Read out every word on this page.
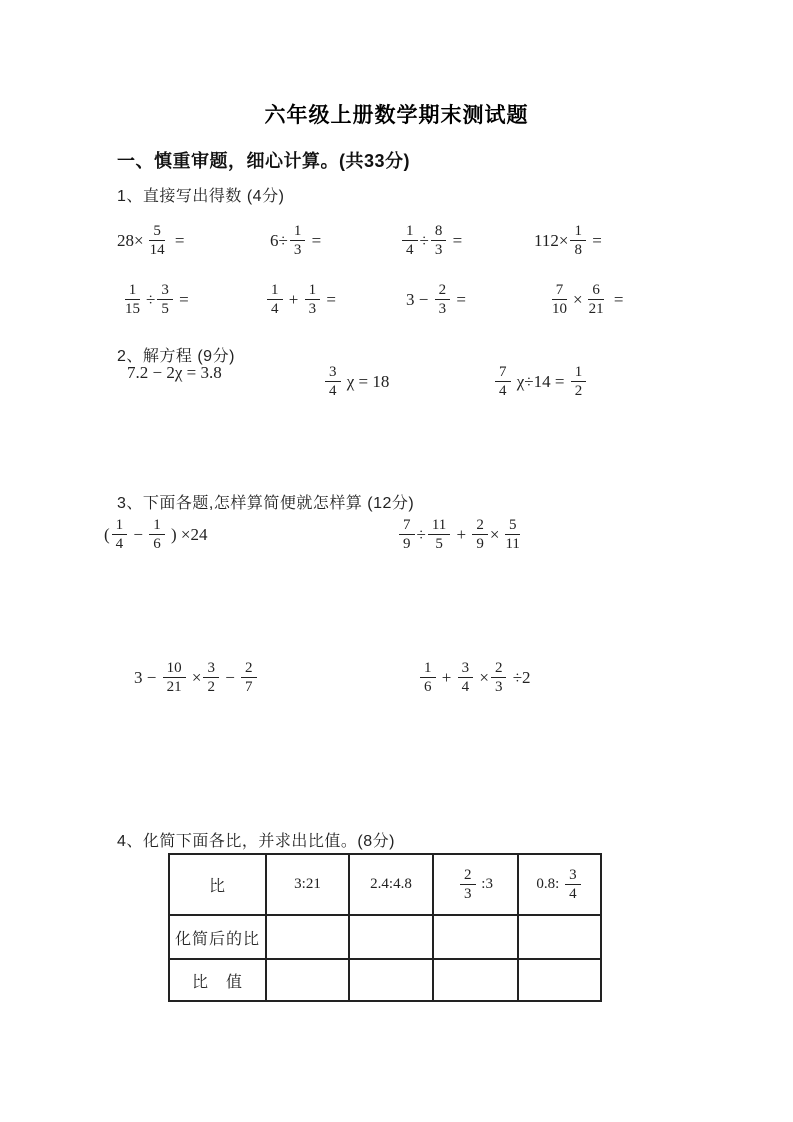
六年级上册数学期末测试题
一、慎重审题，细心计算。(共33分)
1、直接写出得数 (4分)
$28\times \frac{5}{14}$ =	$6\div \frac{1}{3}$ =	$\frac{1}{4} \div \frac{8}{3}$ =	$112\times \frac{1}{8}$ =
$\frac{1}{15} \div \frac{3}{5}$ =	$\frac{1}{4} + \frac{1}{3}$ =	$3 - \frac{2}{3}$ =	$\frac{7}{10} \times \frac{6}{21}$ =
2、解方程 (9分)
7.2 − 2χ = 3.8	$\frac{3}{4}$ χ = 18	$\frac{7}{4} \chi\div 14 = \frac{1}{2}$
3、下面各题,怎样算简便就怎样算 (12分)
( $\frac{1}{4} - \frac{1}{6}$ ) ×24	$\frac{7}{9} \div \frac{11}{5} + \frac{2}{9} \times \frac{5}{11}$
$3 - \frac{10}{21} \times \frac{3}{2} - \frac{2}{7}$	$\frac{1}{6} + \frac{3}{4} \times \frac{2}{3} \div 2$
4、化简下面各比，并求出比值。(8分)
比	3:21	2.4:4.8	$\frac{2}{3}$ :3	0.8: $\frac{3}{4}$

化简后的比				

比　值				
